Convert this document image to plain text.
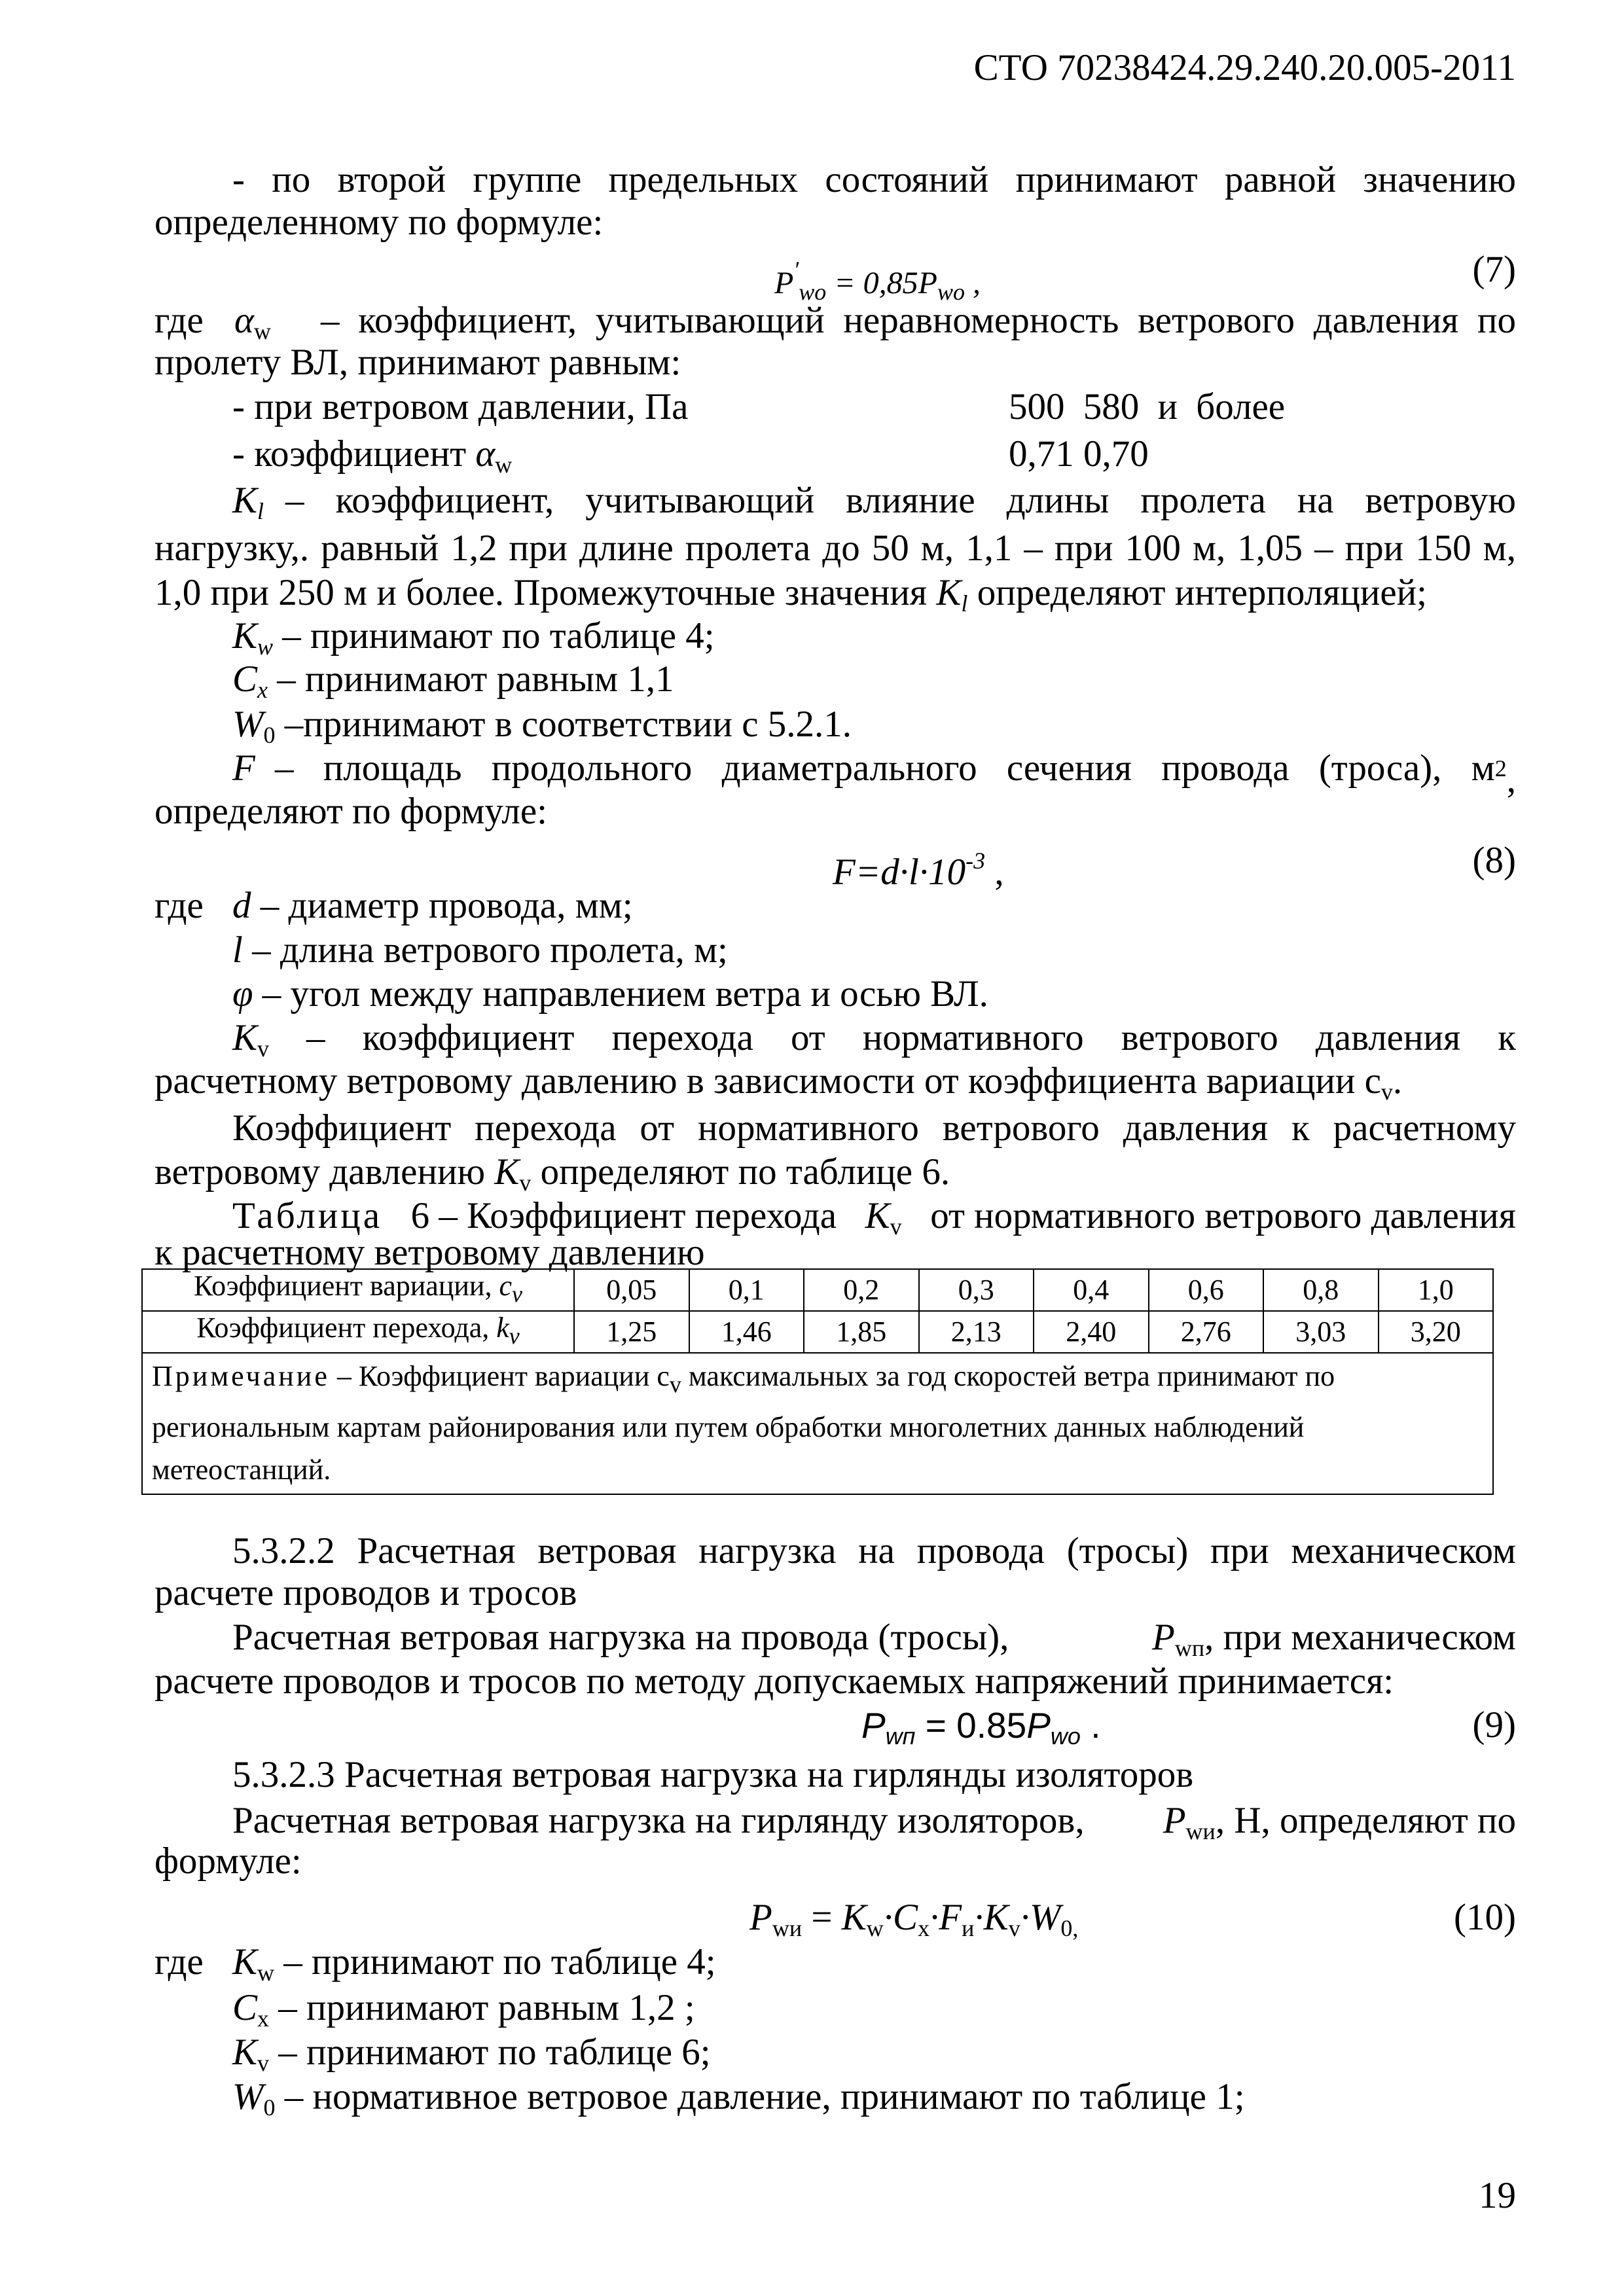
СТО 70238424.29.240.20.005-2011
- по второй группе предельных состояний принимают равной значению
определенному по формуле:
$P'_{wo} = 0,85P_{wo}$ ,	(7)
где $\alpha_w$ – коэффициент, учитывающий неравномерность ветрового давления по
пролету ВЛ, принимают равным:
- при ветровом давлении, Па	500 580 и более
- коэффициент $\alpha_w$	0,71 0,70
$K_l$ – коэффициент, учитывающий влияние длины пролета на ветровую
нагрузку,. равный 1,2 при длине пролета до 50 м, 1,1 – при 100 м, 1,05 – при 150 м,
1,0 при 250 м и более. Промежуточные значения $K_l$ определяют интерполяцией;
$K_w$ – принимают по таблице 4;
$C_x$ – принимают равным 1,1
$W_0$ –принимают в соответствии с 5.2.1.
F – площадь продольного диаметрального сечения провода (троса), м $^2$,
определяют по формуле:
$F=d\cdot l\cdot 10^{-3}$ ,	(8)
где d – диаметр провода, мм;
l – длина ветрового пролета, м;
φ – угол между направлением ветра и осью ВЛ.
$K_v$ – коэффициент перехода от нормативного ветрового давления к
расчетному ветровому давлению в зависимости от коэффициента вариации $c_v$.
Коэффициент перехода от нормативного ветрового давления к расчетному
ветровому давлению $K_v$ определяют по таблице 6.
Таблица 6 – Коэффициент перехода $K_v$ от нормативного ветрового давления
к расчетному ветровому давлению
Коэффициент вариации, $c_v$	0,05	0,1	0,2	0,3	0,4	0,6	0,8	1,0
Коэффициент перехода, $k_v$	1,25	1,46	1,85	2,13	2,40	2,76	3,03	3,20
Примечание – Коэффициент вариации $c_v$ максимальных за год скоростей ветра принимают по региональным картам районирования или путем обработки многолетних данных наблюдений метеостанций.								
5.3.2.2 Расчетная ветровая нагрузка на провода (тросы) при механическом
расчете проводов и тросов
Расчетная ветровая нагрузка на провода (тросы),	$P_{wп}$, при механическом
расчете проводов и тросов по методу допускаемых напряжений принимается:
$P_{wп} = 0.85P_{wo}$ .	(9)
5.3.2.3 Расчетная ветровая нагрузка на гирлянды изоляторов
Расчетная ветровая нагрузка на гирлянду изоляторов, $P_{wи}$, Н, определяют по
формуле:
$P_{wи} = K_w\cdot C_x\cdot F_и\cdot K_v\cdot W_{0,}$	(10)
где $K_w$ – принимают по таблице 4;
$C_x$ – принимают равным 1,2 ;
$K_v$ – принимают по таблице 6;
$W_0$ – нормативное ветровое давление, принимают по таблице 1;
19
